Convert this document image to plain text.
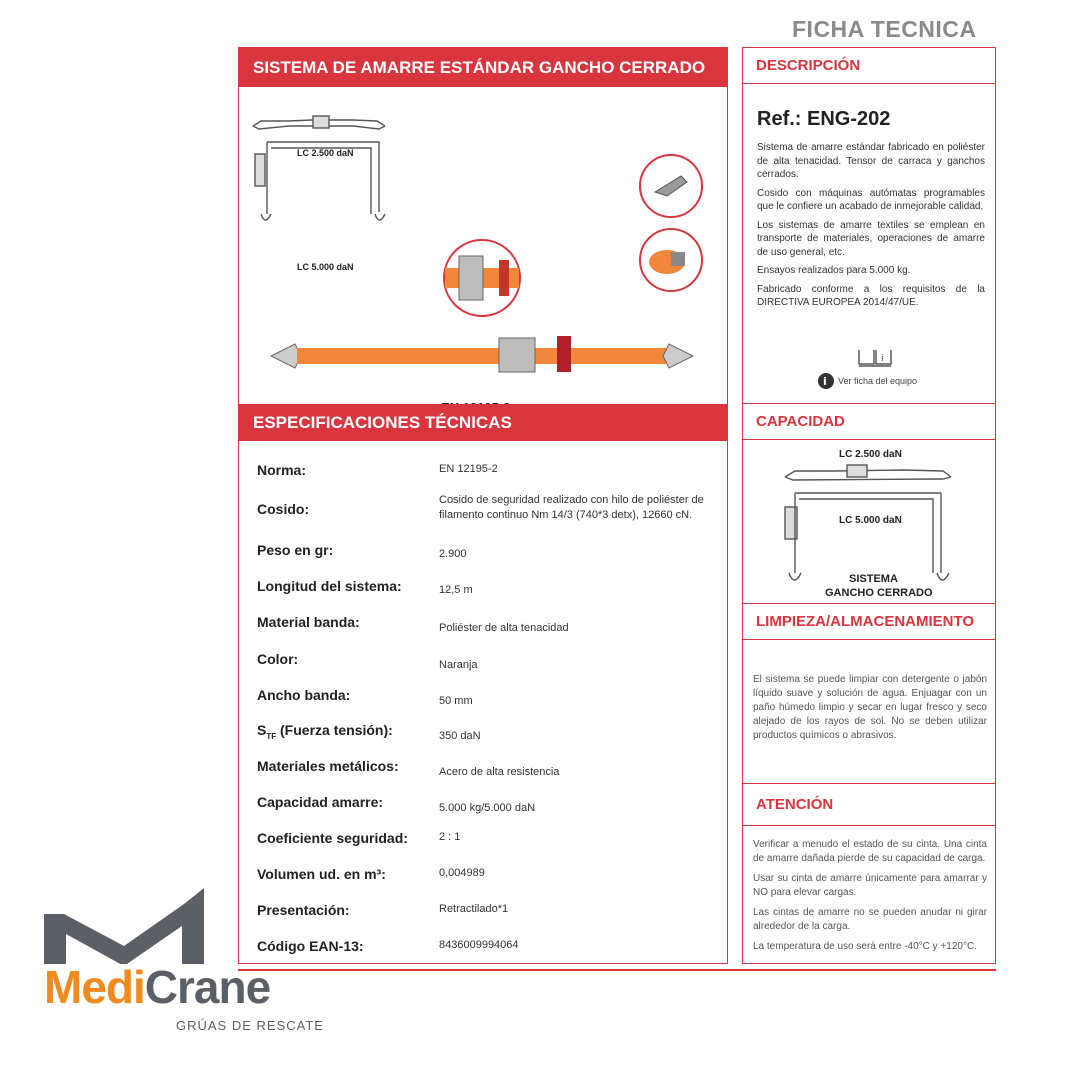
FICHA TECNICA
SISTEMA DE AMARRE ESTÁNDAR GANCHO CERRADO
LC 2.500 daN
LC 5.000 daN
ESPECIFICACIONES TÉCNICAS
Norma:	EN 12195-2
Cosido:
Cosido de seguridad realizado con hilo de poliéster de filamento continuo Nm 14/3 (740*3 detx), 12660 cN.
Peso en gr:	2.900
Longitud del sistema:	12,5 m
Material banda:	Poliéster de alta tenacidad
Color:	Naranja
Ancho banda:	50 mm
$S_{TF}$ (Fuerza tensión):	350 daN
Materiales metálicos:	Acero de alta resistencia
Capacidad amarre:	5.000 kg/5.000 daN
Coeficiente seguridad:	2 : 1
Volumen ud. en m³:	0,004989
Presentación:	Retractilado*1
Código EAN-13:	8436009994064
DESCRIPCIÓN
Ref.: ENG-202

Sistema de amarre estándar fabricado en poliéster de alta tenacidad. Tensor de carraca y ganchos cerrados.

Cosido con máquinas autómatas programables que le confiere un acabado de inmejorable calidad.

Los sistemas de amarre textiles se emplean en transporte de materiales, operaciones de amarre de uso general, etc.

Ensayos realizados para 5.000 kg.

Fabricado conforme a los requisitos de la DIRECTIVA EUROPEA 2014/47/UE.

i
i Ver ficha del equipo
CAPACIDAD
LC 2.500 daN
LC 5.000 daN
SISTEMA
GANCHO CERRADO
LIMPIEZA/ALMACENAMIENTO

El sistema se puede limpiar con detergente o jabón líquido suave y solución de agua. Enjuagar con un paño húmedo limpio y secar en lugar fresco y seco alejado de los rayos de sol. No se deben utilizar productos químicos o abrasivos.

ATENCIÓN

Verificar a menudo el estado de su cinta. Una cinta de amarre dañada pierde de su capacidad de carga.

Usar su cinta de amarre únicamente para amarrar y NO para elevar cargas.

Las cintas de amarre no se pueden anudar ni girar alrededor de la carga.

La temperatura de uso será entre -40°C y +120°C.

MediCrane
GRÚAS DE RESCATE
